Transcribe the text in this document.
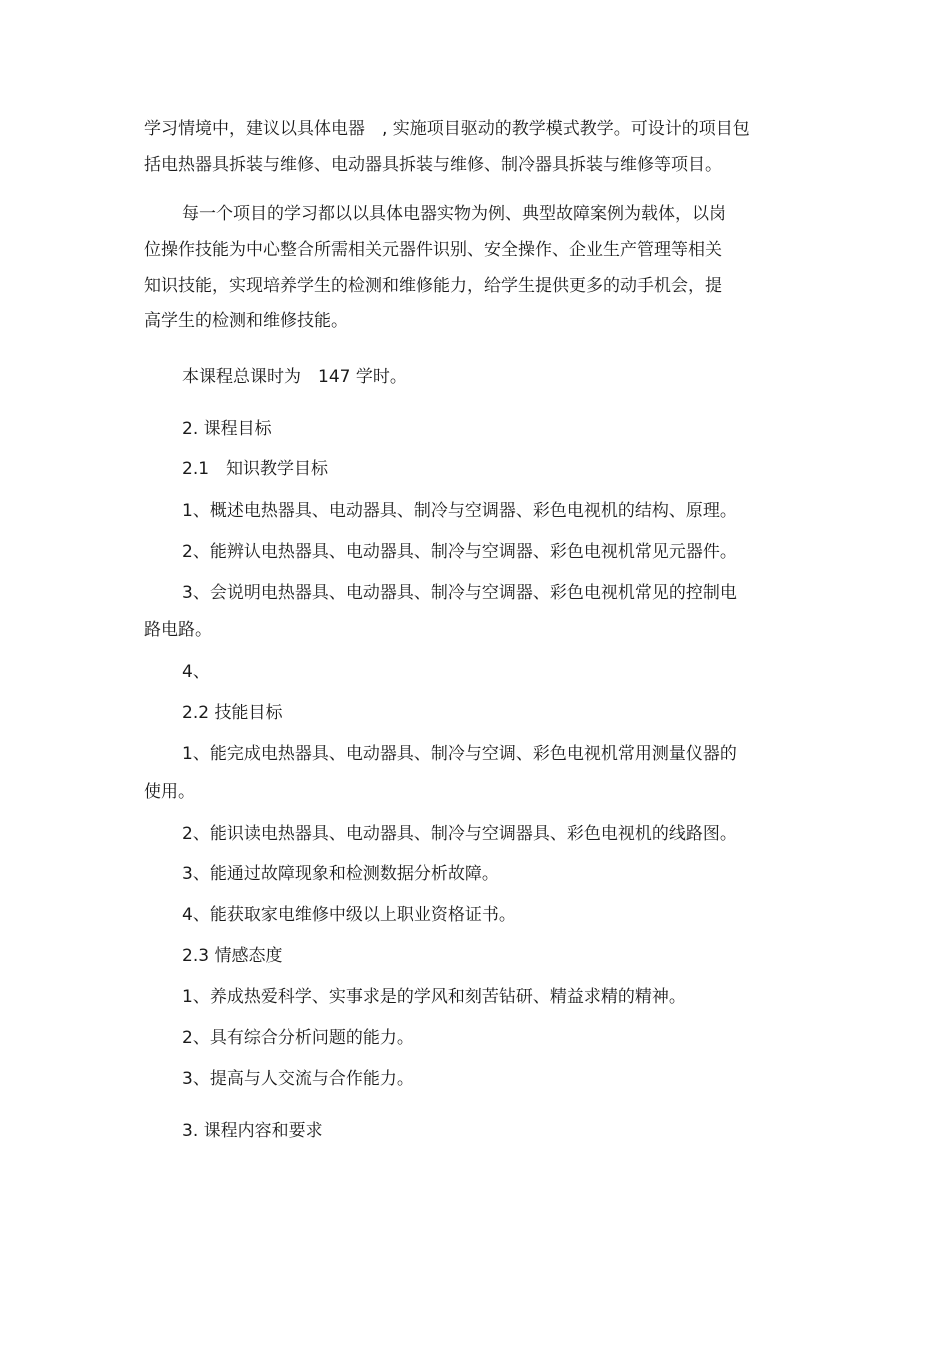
学习情境中，建议以具体电器　, 实施项目驱动的教学模式教学。可设计的项目包

括电热器具拆装与维修、电动器具拆装与维修、制冷器具拆装与维修等项目。

每一个项目的学习都以以具体电器实物为例、典型故障案例为载体，以岗

位操作技能为中心整合所需相关元器件识别、安全操作、企业生产管理等相关

知识技能，实现培养学生的检测和维修能力，给学生提供更多的动手机会，提

高学生的检测和维修技能。

本课程总课时为　147 学时。

2. 课程目标

2.1　知识教学目标

1、概述电热器具、电动器具、制冷与空调器、彩色电视机的结构、原理。

2、能辨认电热器具、电动器具、制冷与空调器、彩色电视机常见元器件。

3、会说明电热器具、电动器具、制冷与空调器、彩色电视机常见的控制电

路电路。

4、

2.2 技能目标

1、能完成电热器具、电动器具、制冷与空调、彩色电视机常用测量仪器的

使用。

2、能识读电热器具、电动器具、制冷与空调器具、彩色电视机的线路图。

3、能通过故障现象和检测数据分析故障。

4、能获取家电维修中级以上职业资格证书。

2.3 情感态度

1、养成热爱科学、实事求是的学风和刻苦钻研、精益求精的精神。

2、具有综合分析问题的能力。

3、提高与人交流与合作能力。

3. 课程内容和要求
